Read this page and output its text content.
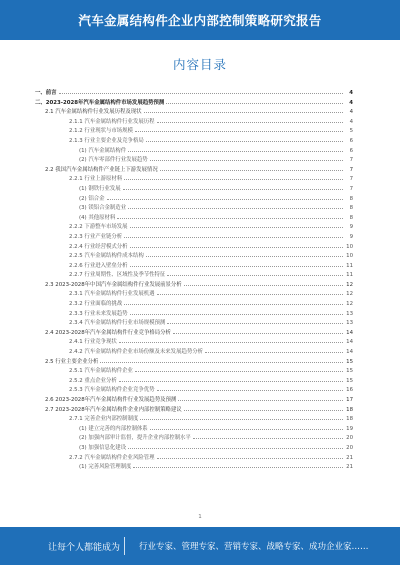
汽车金属结构件企业内部控制策略研究报告
内容目录
一、前言	4
二、2023-2028年汽车金属结构件市场发展趋势预测	4
2.1 汽车金属结构件行业发展历程及现状	4
2.1.1 汽车金属结构件行业发展历程	4
2.1.2 行业现状与市场规模	5
2.1.3 行业主要企业及竞争格局	6
(1) 汽车金属结构件	6
(2) 汽车零部件行业发展趋势	7
2.2 我国汽车金属结构件产业链上下游发展情况	7
2.2.1 行业上游原材料	7
(1) 钢铁行业发展	7
(2) 铝合金	8
(3) 镁铝合金制造业	8
(4) 其他原材料	8
2.2.2 下游整车市场发展	9
2.2.3 行业产业链分析	9
2.2.4 行业经营模式分析	10
2.2.5 汽车金属结构件成本结构	10
2.2.6 行业进入壁垒分析	11
2.2.7 行业周期性、区域性及季节性特征	11
2.3 2023-2028年中国汽车金属结构件行业发展前景分析	12
2.3.1 汽车金属结构件行业发展机遇	12
2.3.2 行业面临的挑战	12
2.3.3 行业未来发展趋势	13
2.3.4 汽车金属结构件行业市场规模预测	13
2.4 2023-2028年汽车金属结构件行业竞争格局分析	14
2.4.1 行业竞争现状	14
2.4.2 汽车金属结构件企业市场份额及未来发展趋势分析	14
2.5 行业主要企业分析	15
2.5.1 汽车金属结构件企业	15
2.5.2 重点企业分析	15
2.5.3 汽车金属结构件企业竞争优势	16
2.6 2023-2028年汽车金属结构件行业发展趋势及预测	17
2.7 2023-2028年汽车金属结构件企业内部控制策略建议	18
2.7.1 完善企业内部控制制度	18
(1) 建立完善的内部控制体系	19
(2) 加强内部审计监督，提升企业内部控制水平	20
(3) 加强信息化建设	20
2.7.2 汽车金属结构件企业风险管理	21
(1) 完善风险管理制度	21
1
让每个人都能成为	行业专家、管理专家、营销专家、战略专家、成功企业家……
